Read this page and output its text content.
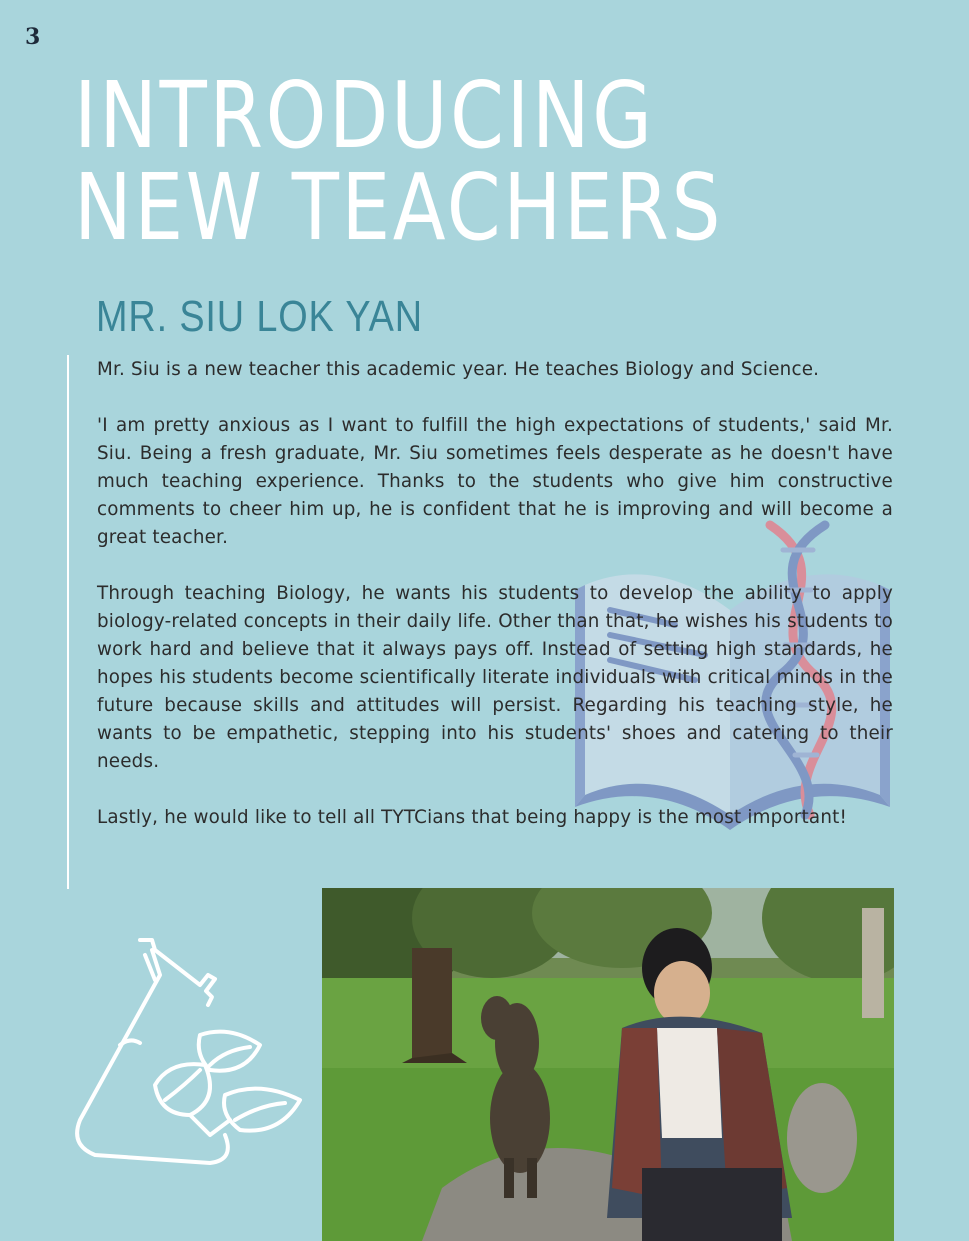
3
INTRODUCING
NEW TEACHERS
MR. SIU LOK YAN

Mr. Siu is a new teacher this academic year. He teaches Biology and Science.

'I am pretty anxious as I want to fulfill the high expectations of students,' said Mr. Siu. Being a fresh graduate, Mr. Siu sometimes feels desperate as he doesn't have much teaching experience. Thanks to the students who give him constructive comments to cheer him up, he is confident that he is improving and will become a great teacher.

Through teaching Biology, he wants his students to develop the ability to apply biology-related concepts in their daily life. Other than that, he wishes his students to work hard and believe that it always pays off. Instead of setting high standards, he hopes his students become scientifically literate individuals with critical minds in the future because skills and attitudes will persist. Regarding his teaching style, he wants to be empathetic, stepping into his students' shoes and catering to their needs.

Lastly, he would like to tell all TYTCians that being happy is the most important!
